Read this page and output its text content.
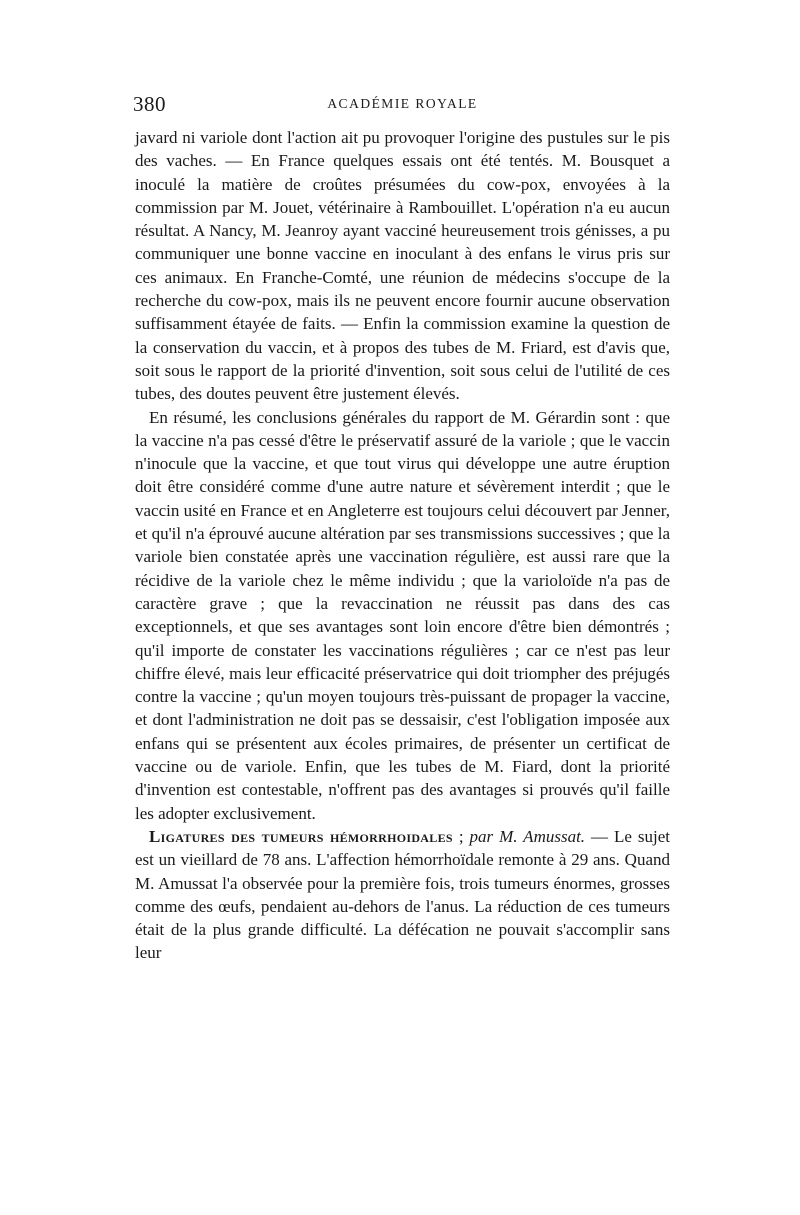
380	ACADÉMIE ROYALE

javard ni variole dont l'action ait pu provoquer l'origine des pustules sur le pis des vaches. — En France quelques essais ont été tentés. M. Bousquet a inoculé la matière de croûtes présumées du cow-pox, envoyées à la commission par M. Jouet, vétérinaire à Rambouillet. L'opération n'a eu aucun résultat. A Nancy, M. Jeanroy ayant vacciné heureusement trois génisses, a pu communiquer une bonne vaccine en inoculant à des enfans le virus pris sur ces animaux. En Franche-Comté, une réunion de médecins s'occupe de la recherche du cow-pox, mais ils ne peuvent encore fournir aucune observation suffisamment étayée de faits. — Enfin la commission examine la question de la conservation du vaccin, et à propos des tubes de M. Friard, est d'avis que, soit sous le rapport de la priorité d'invention, soit sous celui de l'utilité de ces tubes, des doutes peuvent être justement élevés.

En résumé, les conclusions générales du rapport de M. Gérardin sont : que la vaccine n'a pas cessé d'être le préservatif assuré de la variole ; que le vaccin n'inocule que la vaccine, et que tout virus qui développe une autre éruption doit être considéré comme d'une autre nature et sévèrement interdit ; que le vaccin usité en France et en Angleterre est toujours celui découvert par Jenner, et qu'il n'a éprouvé aucune altération par ses transmissions successives ; que la variole bien constatée après une vaccination régulière, est aussi rare que la récidive de la variole chez le même individu ; que la varioloïde n'a pas de caractère grave ; que la revaccination ne réussit pas dans des cas exceptionnels, et que ses avantages sont loin encore d'être bien démontrés ; qu'il importe de constater les vaccinations régulières ; car ce n'est pas leur chiffre élevé, mais leur efficacité préservatrice qui doit triompher des préjugés contre la vaccine ; qu'un moyen toujours très-puissant de propager la vaccine, et dont l'administration ne doit pas se dessaisir, c'est l'obligation imposée aux enfans qui se présentent aux écoles primaires, de présenter un certificat de vaccine ou de variole. Enfin, que les tubes de M. Fiard, dont la priorité d'invention est contestable, n'offrent pas des avantages si prouvés qu'il faille les adopter exclusivement.

Ligatures des tumeurs hémorrhoidales ; par M. Amussat. — Le sujet est un vieillard de 78 ans. L'affection hémorrhoïdale remonte à 29 ans. Quand M. Amussat l'a observée pour la première fois, trois tumeurs énormes, grosses comme des œufs, pendaient au-dehors de l'anus. La réduction de ces tumeurs était de la plus grande difficulté. La défécation ne pouvait s'accomplir sans leur
